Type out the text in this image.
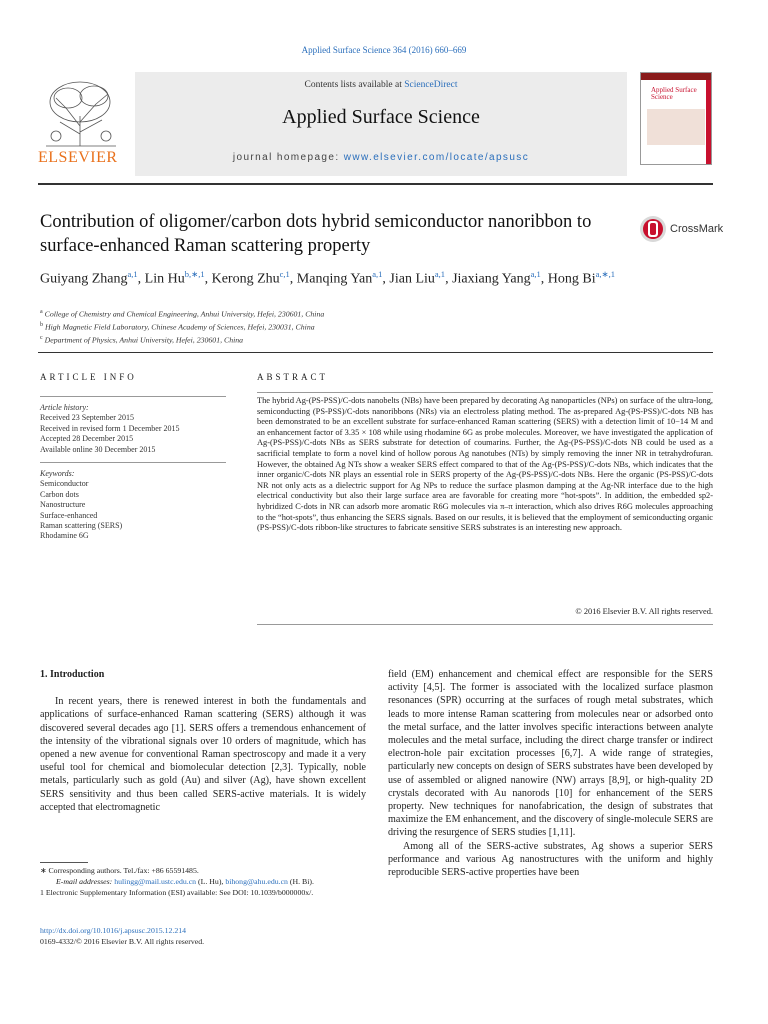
Applied Surface Science 364 (2016) 660–669
ELSEVIER
Contents lists available at ScienceDirect
Applied Surface Science
journal homepage: www.elsevier.com/locate/apsusc
Applied Surface Science
Contribution of oligomer/carbon dots hybrid semiconductor nanoribbon to surface-enhanced Raman scattering property
CrossMark
Guiyang Zhang$^{a,1}$, Lin $Hu^{b,∗,1}$, Kerong Zhu$^{c,1}$, Manqing Yan$^{a,1}$, Jian Liu$^{a,1}$, Jiaxiang Yang$^{a,1}$, Hong $Bi^{a,∗,1}$
$^a$ College of Chemistry and Chemical Engineering, Anhui University, Hefei, 230601, China
$^b$ High Magnetic Field Laboratory, Chinese Academy of Sciences, Hefei, 230031, China
$^c$ Department of Physics, Anhui University, Hefei, 230601, China
ARTICLE INFO
Article history:
Received 23 September 2015
Received in revised form 1 December 2015
Accepted 28 December 2015
Available online 30 December 2015
Keywords:
Semiconductor
Carbon dots
Nanostructure
Surface-enhanced
Raman scattering (SERS)
Rhodamine 6G
ABSTRACT
The hybrid Ag-(PS-PSS)/C-dots nanobelts (NBs) have been prepared by decorating Ag nanoparticles (NPs) on surface of the ultra-long, semiconducting (PS-PSS)/C-dots nanoribbons (NRs) via an electroless plating method. The as-prepared Ag-(PS-PSS)/C-dots NB has been demonstrated to be an excellent substrate for surface-enhanced Raman scattering (SERS) with a detection limit of 10−14 M and an enhancement factor of 3.35 × 108 while using rhodamine 6G as probe molecules. Moreover, we have investigated the application of Ag-(PS-PSS)/C-dots NBs as SERS substrate for detection of coumarins. Further, the Ag-(PS-PSS)/C-dots NB could be used as a sacrificial template to form a novel kind of hollow porous Ag nanotubes (NTs) by simply removing the inner NR in tetrahydrofuran. However, the obtained Ag NTs show a weaker SERS effect compared to that of the Ag-(PS-PSS)/C-dots NBs, which indicates that the inner organic/C-dots NR plays an essential role in SERS property of the Ag-(PS-PSS)/C-dots NBs. Here the organic (PS-PSS)/C-dots NR not only acts as a dielectric support for Ag NPs to reduce the surface plasmon damping at the Ag-NR interface due to the high electrical conductivity but also their large surface area are favorable for creating more “hot-spots”. In addition, the embedded sp2-hybridized C-dots in NR can adsorb more aromatic R6G molecules via π–π interaction, which also drives R6G molecules approaching to the “hot-spots”, thus enhancing the SERS signals. Based on our results, it is believed that the employment of semiconducting organic (PS-PSS)/C-dots ribbon-like structures to fabricate sensitive SERS substrates is an interesting new approach.
© 2016 Elsevier B.V. All rights reserved.
1. Introduction

In recent years, there is renewed interest in both the fundamentals and applications of surface-enhanced Raman scattering (SERS) although it was discovered several decades ago [1]. SERS offers a tremendous enhancement of the intensity of the vibrational signals over 10 orders of magnitude, which has opened a new avenue for conventional Raman spectroscopy and made it a very useful tool for chemical and biomolecular detection [2,3]. Typically, noble metals, particularly such as gold (Au) and silver (Ag), have shown excellent SERS sensitivity and thus been called SERS-active materials. It is widely accepted that electromagnetic

field (EM) enhancement and chemical effect are responsible for the SERS activity [4,5]. The former is associated with the localized surface plasmon resonances (SPR) occurring at the surfaces of rough metal substrates, which leads to more intense Raman scattering from molecules near or adsorbed onto the metal surface, and the latter involves specific interactions between analyte molecules and the metal surface, including the direct charge transfer or indirect electron-hole pair excitation processes [6,7]. A wide range of strategies, particularly new concepts on design of SERS substrates have been developed by use of assembled or aligned nanowire (NW) arrays [8,9], or high-quality 2D crystals decorated with Au nanorods [10] for enhancement of the SERS property. New techniques for nanofabrication, the design of substrates that maximize the EM enhancement, and the discovery of single-molecule SERS are driving the resurgence of SERS studies [1,11].

Among all of the SERS-active substrates, Ag shows a superior SERS performance and various Ag nanostructures with the uniform and highly reproducible SERS-active properties have been

∗ Corresponding authors. Tel./fax: +86 65591485.
E-mail addresses: hulingg@mail.ustc.edu.cn (L. Hu), bihong@ahu.edu.cn (H. Bi).
1 Electronic Supplementary Information (ESI) available: See DOI: 10.1039/b000000x/.
http://dx.doi.org/10.1016/j.apsusc.2015.12.214
0169-4332/© 2016 Elsevier B.V. All rights reserved.
